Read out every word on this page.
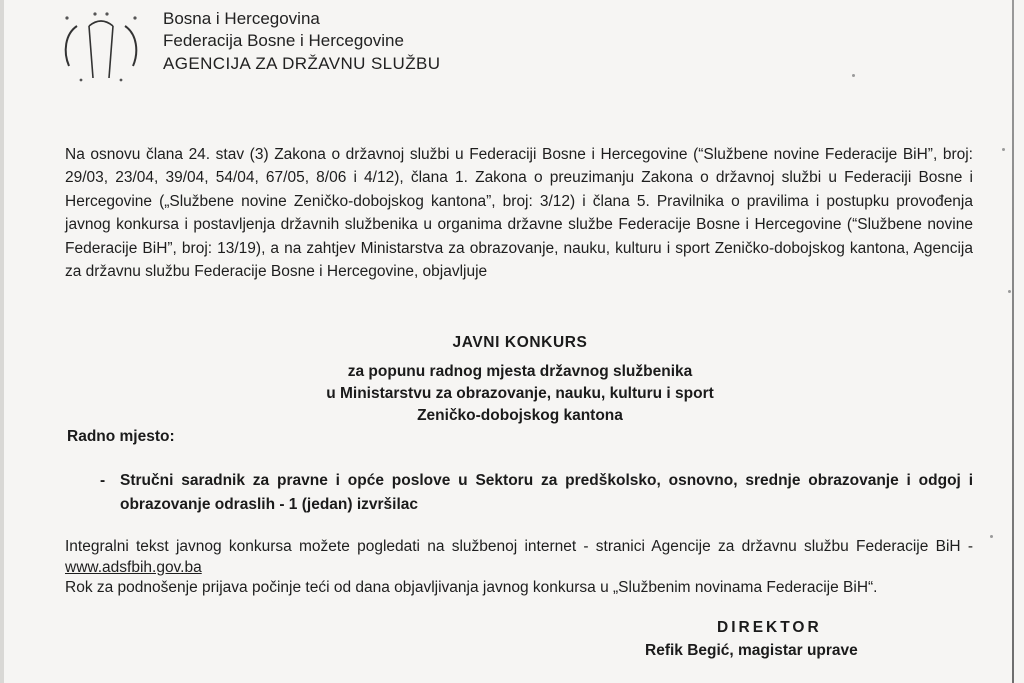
Bosna i Hercegovina
Federacija Bosne i Hercegovine
AGENCIJA ZA DRŽAVNU SLUŽBU
Na osnovu člana 24. stav (3) Zakona o državnoj službi u Federaciji Bosne i Hercegovine (“Službene novine Federacije BiH”, broj: 29/03, 23/04, 39/04, 54/04, 67/05, 8/06 i 4/12), člana 1. Zakona o preuzimanju Zakona o državnoj službi u Federaciji Bosne i Hercegovine („Službene novine Zeničko-dobojskog kantona”, broj: 3/12) i člana 5. Pravilnika o pravilima i postupku provođenja javnog konkursa i postavljenja državnih službenika u organima državne službe Federacije Bosne i Hercegovine (“Službene novine Federacije BiH”, broj: 13/19), a na zahtjev Ministarstva za obrazovanje, nauku, kulturu i sport Zeničko-dobojskog kantona, Agencija za državnu službu Federacije Bosne i Hercegovine, objavljuje
JAVNI KONKURS
za popunu radnog mjesta državnog službenika
u Ministarstvu za obrazovanje, nauku, kulturu i sport
Zeničko-dobojskog kantona
Radno mjesto:
- Stručni saradnik za pravne i opće poslove u Sektoru za predškolsko, osnovno, srednje obrazovanje i odgoj i obrazovanje odraslih - 1 (jedan) izvršilac
Integralni tekst javnog konkursa možete pogledati na službenoj internet - stranici Agencije za državnu službu Federacije BiH - www.adsfbih.gov.ba
Rok za podnošenje prijava počinje teći od dana objavljivanja javnog konkursa u „Službenim novinama Federacije BiH“.
DIREKTOR
Refik Begić, magistar uprave
